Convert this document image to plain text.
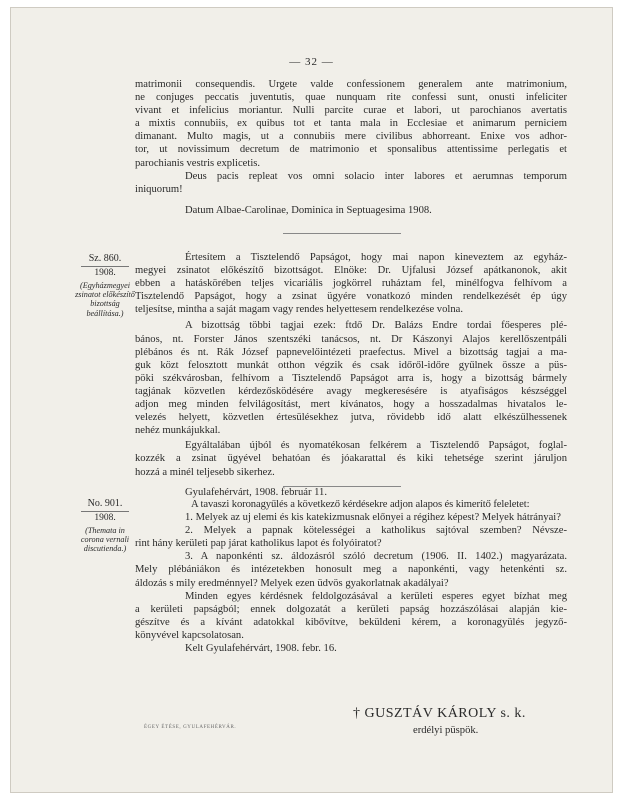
— 32 —

matrimonii consequendis. Urgete valde confessionem generalem ante matrimonium,

ne conjuges peccatis juventutis, quae nunquam rite confessi sunt, onusti infeliciter

vivant et infelicius moriantur. Nulli parcite curae et labori, ut parochianos avertatis

a mixtis connubiis, ex quibus tot et tanta mala in Ecclesiae et animarum perniciem

dimanant. Multo magis, ut a connubiis mere civilibus abhorreant. Enixe vos adhor-

tor, ut novissimum decretum de matrimonio et sponsalibus attentissime perlegatis et

parochianis vestris explicetis.

Deus pacis repleat vos omni solacio inter labores et aerumnas temporum

iniquorum!

Datum Albae-Carolinae, Dominica in Septuagesima 1908.

Sz. 860.
1908.
(Egyházmegyei zsinatot előkészítő bizottság beállítása.)

Értesítem a Tisztelendő Papságot, hogy mai napon kineveztem az egyház-

megyei zsinatot előkészítő bizottságot. Elnöke: Dr. Ujfalusi József apátkanonok, akit

ebben a hatáskörében teljes vicariális jogkörrel ruháztam fel, minélfogva felhívom a

Tisztelendő Papságot, hogy a zsinat ügyére vonatkozó minden rendelkezését ép úgy

teljesítse, mintha a saját magam vagy rendes helyettesem rendelkezése volna.

A bizottság többi tagjai ezek: ftdő Dr. Balázs Endre tordai főesperes plé-

bános, nt. Forster János szentszéki tanácsos, nt. Dr Kászonyi Alajos kerellőszentpáli

plébános és nt. Rák József papnevelőintézeti praefectus. Mivel a bizottság tagjai a ma-

guk közt felosztott munkát otthon végzik és csak időről-időre gyűlnek össze a püs-

pöki székvárosban, felhívom a Tisztelendő Papságot arra is, hogy a bizottság bármely

tagjának közvetlen kérdezősködésére avagy megkeresésére is atyafiságos készséggel

adjon meg minden felvilágosítást, mert kívánatos, hogy a hosszadalmas hivatalos le-

velezés helyett, közvetlen értesülésekhez jutva, rövidebb idő alatt elkészülhessenek

nehéz munkájukkal.

Egyáltalában újból és nyomatékosan felkérem a Tisztelendő Papságot, foglal-

kozzék a zsinat ügyével behatóan és jóakarattal és kiki tehetsége szerint járuljon

hozzá a minél teljesebb sikerhez.

Gyulafehérvárt, 1908. február 11.

No. 901.
1908.
(Themata in corona vernali discutienda.)

A tavaszi koronagyűlés a következő kérdésekre adjon alapos és kimerítő feleletet:

1. Melyek az uj elemi és kis katekizmusnak előnyei a régihez képest? Melyek hátrányai?

2. Melyek a papnak kötelességei a katholikus sajtóval szemben? Névsze-

rint hány kerületi pap járat katholikus lapot és folyóiratot?

3. A naponkénti sz. áldozásról szóló decretum (1906. II. 1402.) magyarázata.

Mely plébániákon és intézetekben honosult meg a naponkénti, vagy hetenkénti sz.

áldozás s mily eredménnyel? Melyek ezen üdvös gyakorlatnak akadályai?

Minden egyes kérdésnek feldolgozásával a kerületi esperes egyet bízhat meg

a kerületi papságból; ennek dolgozatát a kerületi papság hozzászólásai alapján kie-

gészítve és a kívánt adatokkal kibővítve, beküldeni kérem, a koronagyülés jegyző-

könyvével kapcsolatosan.

Kelt Gyulafehérvárt, 1908. febr. 16.

† GUSZTÁV KÁROLY s. k.
erdélyi püspök.
ÉGEY ÉTÉSE, GYULAFEHÉRVÁR.
